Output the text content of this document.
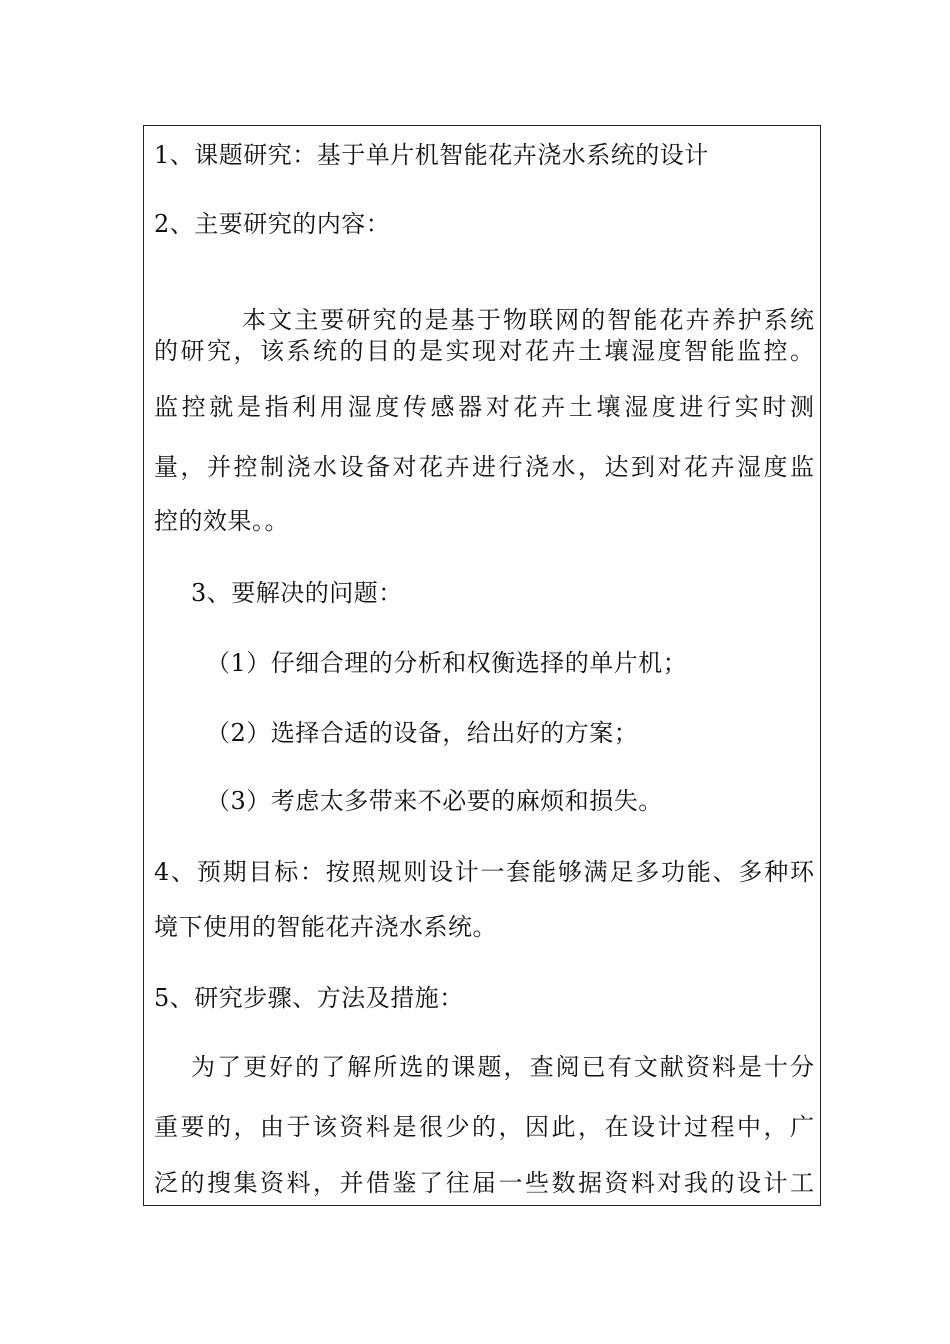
1、课题研究：基于单片机智能花卉浇水系统的设计
2、主要研究的内容：
本文主要研究的是基于物联网的智能花卉养护系统
的研究，该系统的目的是实现对花卉土壤湿度智能监控。
监控就是指利用湿度传感器对花卉土壤湿度进行实时测
量，并控制浇水设备对花卉进行浇水，达到对花卉湿度监
控的效果。。
3、要解决的问题：
（1）仔细合理的分析和权衡选择的单片机；
（2）选择合适的设备，给出好的方案；
（3）考虑太多带来不必要的麻烦和损失。
4、预期目标：按照规则设计一套能够满足多功能、多种环
境下使用的智能花卉浇水系统。
5、研究步骤、方法及措施：
为了更好的了解所选的课题，查阅已有文献资料是十分
重要的，由于该资料是很少的，因此，在设计过程中，广
泛的搜集资料，并借鉴了往届一些数据资料对我的设计工
